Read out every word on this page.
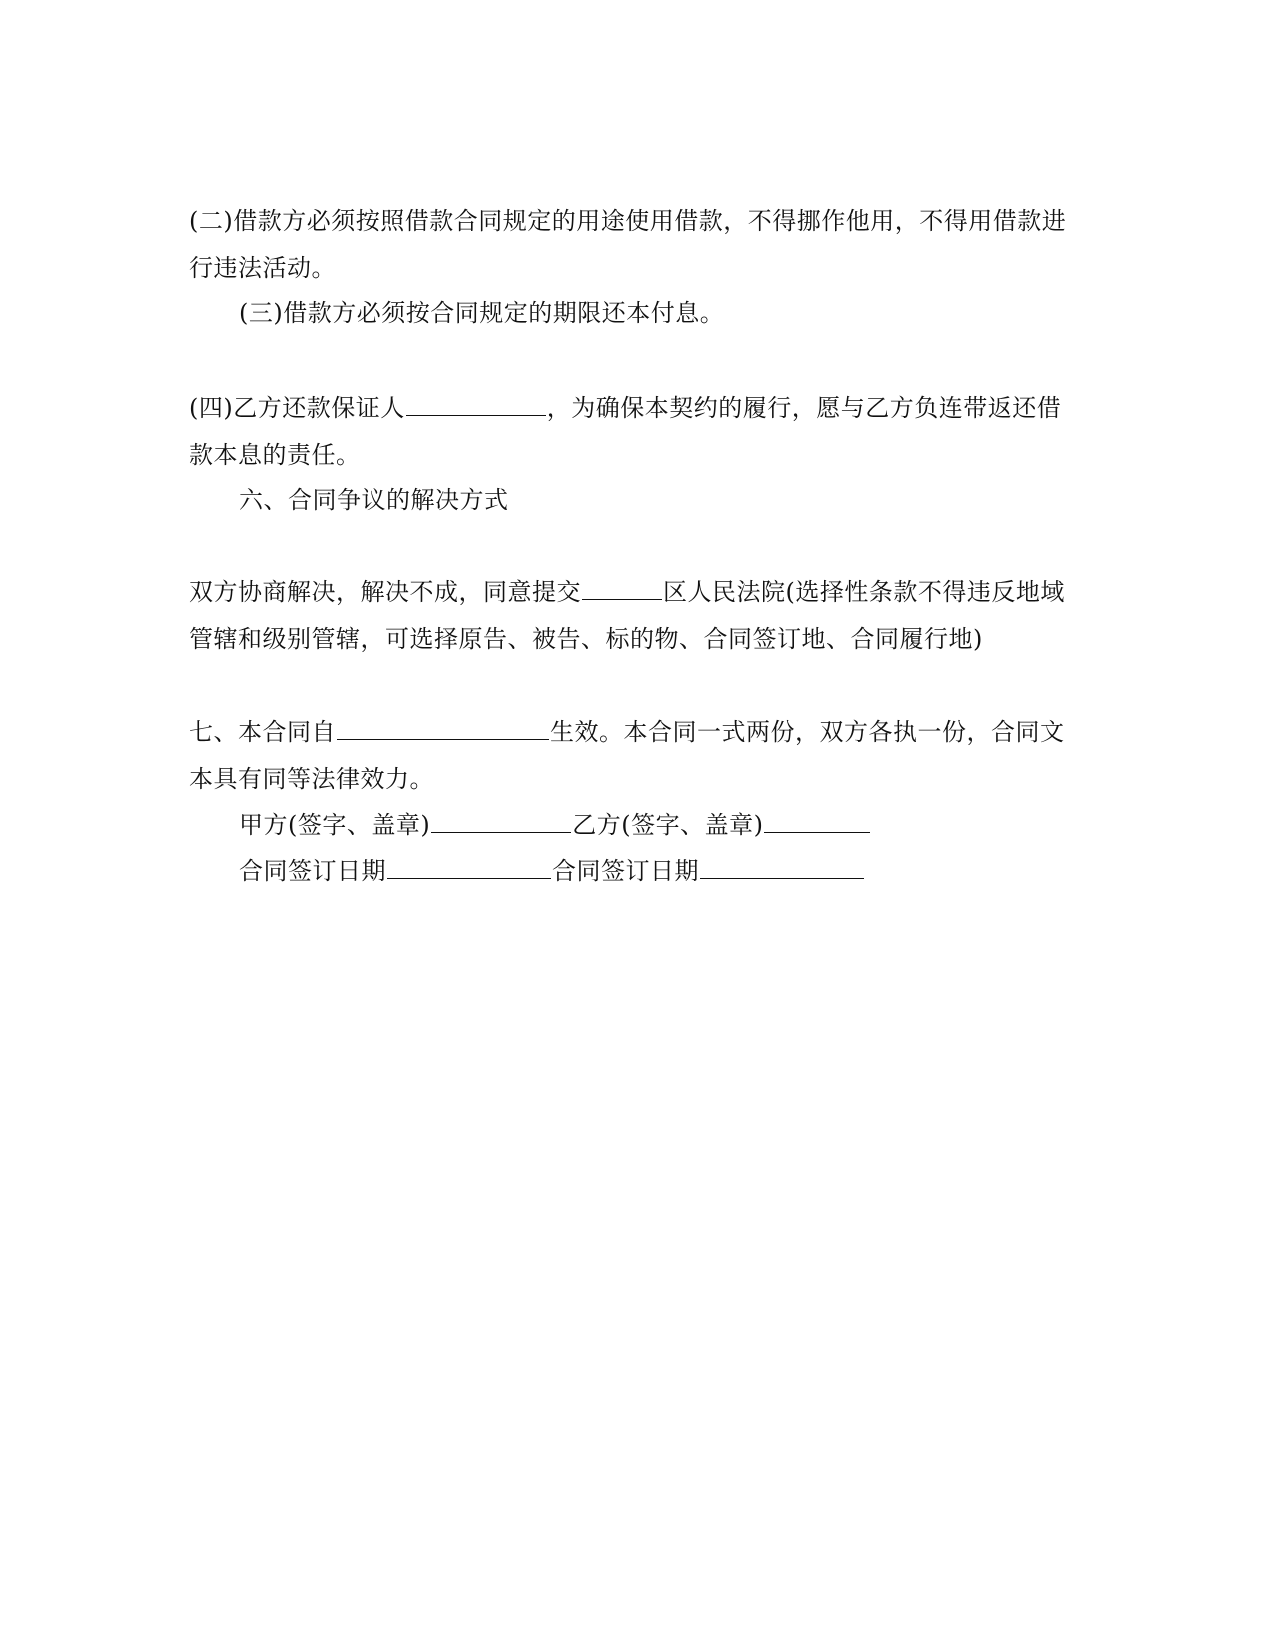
(二)借款方必须按照借款合同规定的用途使用借款，不得挪作他用，不得用借款进
行违法活动。
(三)借款方必须按合同规定的期限还本付息。
(四)乙方还款保证人	，为确保本契约的履行，愿与乙方负连带返还借
款本息的责任。
六、合同争议的解决方式
双方协商解决，解决不成，同意提交	区人民法院(选择性条款不得违反地域
管辖和级别管辖，可选择原告、被告、标的物、合同签订地、合同履行地)
七、本合同自	生效。本合同一式两份，双方各执一份，合同文
本具有同等法律效力。
甲方(签字、盖章)	乙方(签字、盖章)
合同签订日期	合同签订日期
